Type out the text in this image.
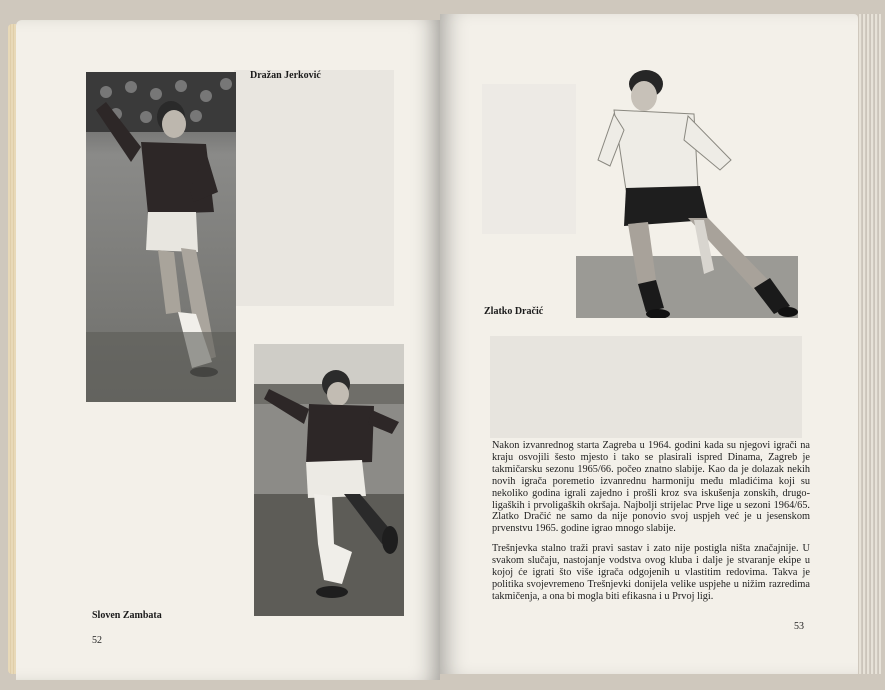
Dražan Jerković
Sloven Zambata
52
Zlatko Dračić

Nakon izvanrednog starta Zagreba u 1964. godini kada su njegovi igrači na kraju osvojili šesto mjesto i tako se plasirali ispred Dinama, Zagreb je takmičarsku sezonu 1965/66. počeo znatno slabije. Kao da je dolazak nekih novih igrača poremetio izvanrednu harmoniju među mladićima koji su nekoliko godina igrali zajedno i prošli kroz sva iskušenja zonskih, drugoligaških i prvoligaških okršaja. Najbolji strijelac Prve lige u sezoni 1964/65. Zlatko Dračić ne samo da nije ponovio svoj uspjeh već je u jesenskom prvenstvu 1965. godine igrao mnogo slabije.

Trešnjevka stalno traži pravi sastav i zato nije postigla ništa značajnije. U svakom slučaju, nastojanje vodstva ovog kluba i dalje je stvaranje ekipe u kojoj će igrati što više igrača odgojenih u vlastitim redovima. Takva je politika svojevremeno Trešnjevki donijela velike uspjehe u nižim razredima takmičenja, a ona bi mogla biti efikasna i u Prvoj ligi.

53
